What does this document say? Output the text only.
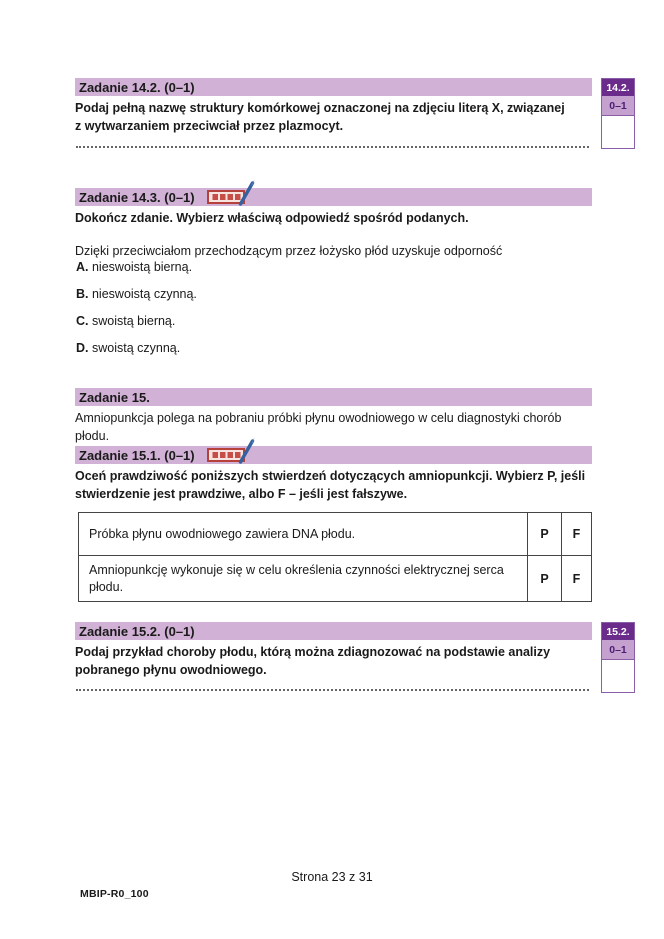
Zadanie 14.2. (0–1)
Podaj pełną nazwę struktury komórkowej oznaczonej na zdjęciu literą X, związanej
z wytwarzaniem przeciwciał przez plazmocyt.
14.2.
0–1
Zadanie 14.3. (0–1)
Dokończ zdanie. Wybierz właściwą odpowiedź spośród podanych.
Dzięki przeciwciałom przechodzącym przez łożysko płód uzyskuje odporność
A. nieswoistą bierną.
B. nieswoistą czynną.
C. swoistą bierną.
D. swoistą czynną.
Zadanie 15.
Amniopunkcja polega na pobraniu próbki płynu owodniowego w celu diagnostyki chorób
płodu.
Zadanie 15.1. (0–1)
Oceń prawdziwość poniższych stwierdzeń dotyczących amniopunkcji. Wybierz P, jeśli
stwierdzenie jest prawdziwe, albo F – jeśli jest fałszywe.
Próbka płynu owodniowego zawiera DNA płodu.	P	F
Amniopunkcję wykonuje się w celu określenia czynności elektrycznej serca płodu.	P	F
Zadanie 15.2. (0–1)
Podaj przykład choroby płodu, którą można zdiagnozować na podstawie analizy
pobranego płynu owodniowego.
15.2.
0–1
Strona 23 z 31
MBIP-R0_100
